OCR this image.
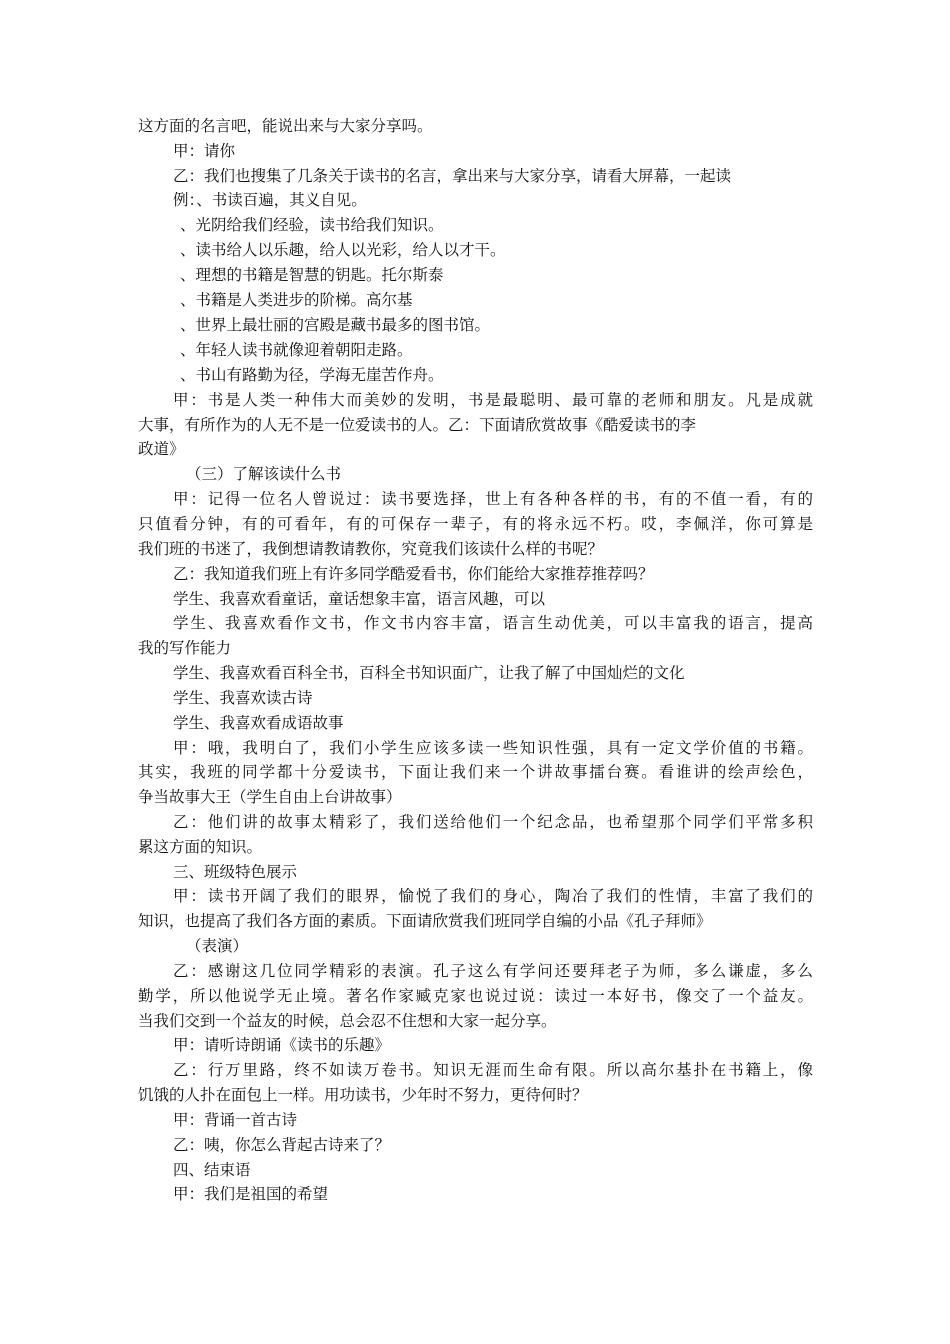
这方面的名言吧，能说出来与大家分享吗。
甲：请你
乙：我们也搜集了几条关于读书的名言，拿出来与大家分享，请看大屏幕，一起读
例：、书读百遍，其义自见。
、光阴给我们经验，读书给我们知识。
、读书给人以乐趣，给人以光彩，给人以才干。
、理想的书籍是智慧的钥匙。托尔斯泰
、书籍是人类进步的阶梯。高尔基
、世界上最壮丽的宫殿是藏书最多的图书馆。
、年轻人读书就像迎着朝阳走路。
、书山有路勤为径，学海无崖苦作舟。
甲：书是人类一种伟大而美妙的发明，书是最聪明、最可靠的老师和朋友。凡是成就
大事，有所作为的人无不是一位爱读书的人。乙：下面请欣赏故事《酷爱读书的李
政道》
（三）了解该读什么书
甲：记得一位名人曾说过：读书要选择，世上有各种各样的书，有的不值一看，有的
只值看分钟，有的可看年，有的可保存一辈子，有的将永远不朽。哎，李佩洋，你可算是
我们班的书迷了，我倒想请教请教你，究竟我们该读什么样的书呢？
乙：我知道我们班上有许多同学酷爱看书，你们能给大家推荐推荐吗？
学生、我喜欢看童话，童话想象丰富，语言风趣，可以
学生、我喜欢看作文书，作文书内容丰富，语言生动优美，可以丰富我的语言，提高
我的写作能力
学生、我喜欢看百科全书，百科全书知识面广，让我了解了中国灿烂的文化
学生、我喜欢读古诗
学生、我喜欢看成语故事
甲：哦，我明白了，我们小学生应该多读一些知识性强，具有一定文学价值的书籍。
其实，我班的同学都十分爱读书，下面让我们来一个讲故事擂台赛。看谁讲的绘声绘色，
争当故事大王（学生自由上台讲故事）
乙：他们讲的故事太精彩了，我们送给他们一个纪念品，也希望那个同学们平常多积
累这方面的知识。
三、班级特色展示
甲：读书开阔了我们的眼界，愉悦了我们的身心，陶冶了我们的性情，丰富了我们的
知识，也提高了我们各方面的素质。下面请欣赏我们班同学自编的小品《孔子拜师》
（表演）
乙：感谢这几位同学精彩的表演。孔子这么有学问还要拜老子为师，多么谦虚，多么
勤学，所以他说学无止境。著名作家臧克家也说过说：读过一本好书，像交了一个益友。
当我们交到一个益友的时候，总会忍不住想和大家一起分享。
甲：请听诗朗诵《读书的乐趣》
乙：行万里路，终不如读万卷书。知识无涯而生命有限。所以高尔基扑在书籍上，像
饥饿的人扑在面包上一样。用功读书，少年时不努力，更待何时？
甲：背诵一首古诗
乙：咦，你怎么背起古诗来了？
四、结束语
甲：我们是祖国的希望
